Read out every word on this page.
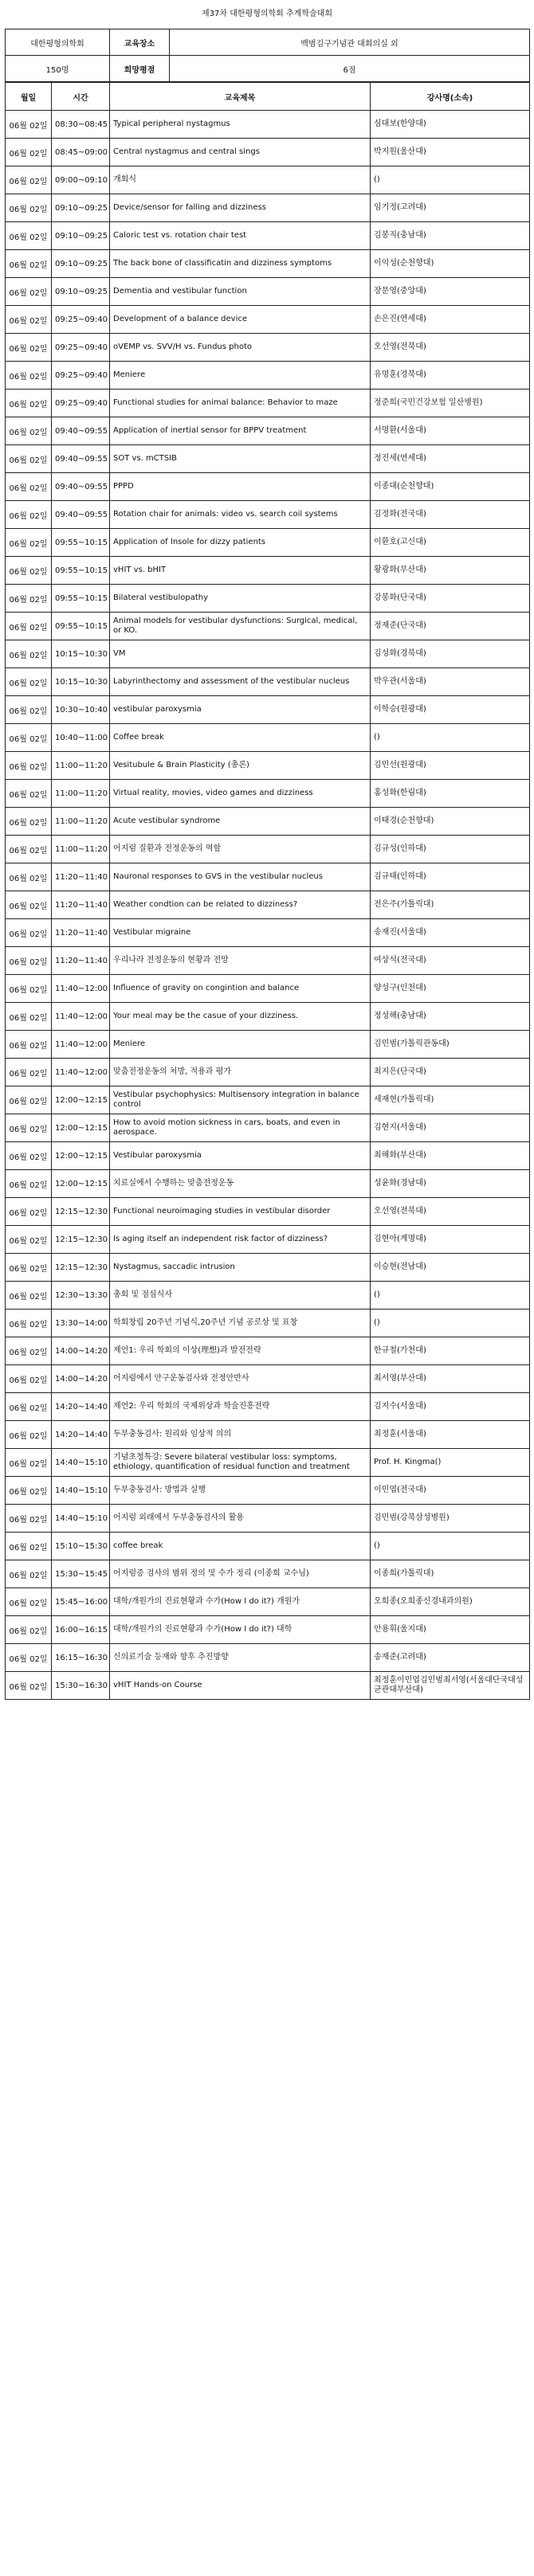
제37차 대한평형의학회 추계학술대회
대한평형의학회	교육장소	백범김구기념관 대회의실 외
150명	희망평점	6점
월일	시간	교육제목	강사명(소속)
06월 02일	08:30~08:45	Typical peripheral nystagmus	심대보(한양대)
06월 02일	08:45~09:00	Central nystagmus and central sings	박지원(울산대)
06월 02일	09:00~09:10	개회식	()
06월 02일	09:10~09:25	Device/sensor for falling and dizziness	임기정(고려대)
06월 02일	09:10~09:25	Caloric test vs. rotation chair test	김봉직(충남대)
06월 02일	09:10~09:25	The back bone of classificatin and dizziness symptoms	이익성(순천향대)
06월 02일	09:10~09:25	Dementia and vestibular function	장문영(중앙대)
06월 02일	09:25~09:40	Development of a balance device	손은진(연세대)
06월 02일	09:25~09:40	oVEMP vs. SVV/H vs. Fundus photo	오선영(전북대)
06월 02일	09:25~09:40	Meniere	유명훈(경북대)
06월 02일	09:25~09:40	Functional studies for animal balance: Behavior to maze	정준희(국민건강보험 일산병원)
06월 02일	09:40~09:55	Application of inertial sensor for BPPV treatment	서명환(서울대)
06월 02일	09:40~09:55	SOT vs. mCTSIB	정진세(연세대)
06월 02일	09:40~09:55	PPPD	이종대(순천향대)
06월 02일	09:40~09:55	Rotation chair for animals: video vs. search coil systems	김정화(전국대)
06월 02일	09:55~10:15	Application of Insole for dizzy patients	이환호(고신대)
06월 02일	09:55~10:15	vHIT vs. bHIT	황광화(부산대)
06월 02일	09:55~10:15	Bilateral vestibulopathy	강봉화(단국대)
06월 02일	09:55~10:15	Animal models for vestibular dysfunctions: Surgical, medical, or KO.	정재준(단국대)
06월 02일	10:15~10:30	VM	김성화(경북대)
06월 02일	10:15~10:30	Labyrinthectomy and assessment of the vestibular nucleus	박우관(서울대)
06월 02일	10:30~10:40	vestibular paroxysmia	이학승(원광대)
06월 02일	10:40~11:00	Coffee break	()
06월 02일	11:00~11:20	Vesitubule & Brain Plasticity (총론)	김민선(원광대)
06월 02일	11:00~11:20	Virtual reality, movies, video games and dizziness	홍성화(한림대)
06월 02일	11:00~11:20	Acute vestibular syndrome	이태경(순천향대)
06월 02일	11:00~11:20	어지럼 질환과 전정운동의 역할	김규성(인하대)
06월 02일	11:20~11:40	Nauronal responses to GVS in the vestibular nucleus	김규태(인하대)
06월 02일	11:20~11:40	Weather condtion can be related to dizziness?	전은주(가톨릭대)
06월 02일	11:20~11:40	Vestibular migraine	송재진(서울대)
06월 02일	11:20~11:40	우리나라 전정운동의 현황과 전망	여상석(전국대)
06월 02일	11:40~12:00	Influence of gravity on congintion and balance	양성구(인천대)
06월 02일	11:40~12:00	Your meal may be the casue of your dizziness.	정성해(충남대)
06월 02일	11:40~12:00	Meniere	김민범(가톨릭관동대)
06월 02일	11:40~12:00	맞춤전정운동의 처방, 적용과 평가	최지은(단국대)
06월 02일	12:00~12:15	Vestibular psychophysics: Multisensory integration in balance control	세재현(가톨릭대)
06월 02일	12:00~12:15	How to avoid motion sickness in cars, boats, and even in aerospace.	김현지(서울대)
06월 02일	12:00~12:15	Vestibular paroxysmia	최해화(부산대)
06월 02일	12:00~12:15	치료실에서 수행하는 맞춤전정운동	성윤화(경남대)
06월 02일	12:15~12:30	Functional neuroimaging studies in vestibular disorder	오선영(전북대)
06월 02일	12:15~12:30	Is aging itself an independent risk factor of dizziness?	김현아(계명대)
06월 02일	12:15~12:30	Nystagmus, saccadic intrusion	이승현(전남대)
06월 02일	12:30~13:30	총회 및 점심식사	()
06월 02일	13:30~14:00	학회창립 20주년 기념식,20주년 기념 공로상 및 표창	()
06월 02일	14:00~14:20	제언1: 우리 학회의 이상(理想)과 발전전략	한규철(가천대)
06월 02일	14:00~14:20	어지럼에서 안구운동검사와 전정안반사	최서영(부산대)
06월 02일	14:20~14:40	제언2: 우리 학회의 국제위상과 학술진흥전략	김지수(서울대)
06월 02일	14:20~14:40	두부충동검사: 원리와 임상적 의의	최정훈(서울대)
06월 02일	14:40~15:10	기념초청특강: Severe bilateral vestibular loss: symptoms, ethiology, quantification of residual function and treatment	Prof. H. Kingma()
06월 02일	14:40~15:10	두부충동검사: 방법과 실행	이민엽(전국대)
06월 02일	14:40~15:10	어지럼 외래에서 두부충동검사의 활용	김민범(강북삼성병원)
06월 02일	15:10~15:30	coffee break	()
06월 02일	15:30~15:45	어지럼증 검사의 범위 정의 및 수가 정리 (이종희 교수님)	이종희(가톨릭대)
06월 02일	15:45~16:00	대학/개원가의 진료현황과 수가(How I do it?) 개원가	오희종(오희종신경내과의원)
06월 02일	16:00~16:15	대학/개원가의 진료현황과 수가(How I do it?) 대학	안용휘(울지대)
06월 02일	16:15~16:30	신의료기술 등재와 향후 추진방향	송재준(고려대)
06월 02일	15:30~16:30	vHIT Hands-on Course	최정훈이민엽김민범최서영(서울대단국대성균관대부산대)
